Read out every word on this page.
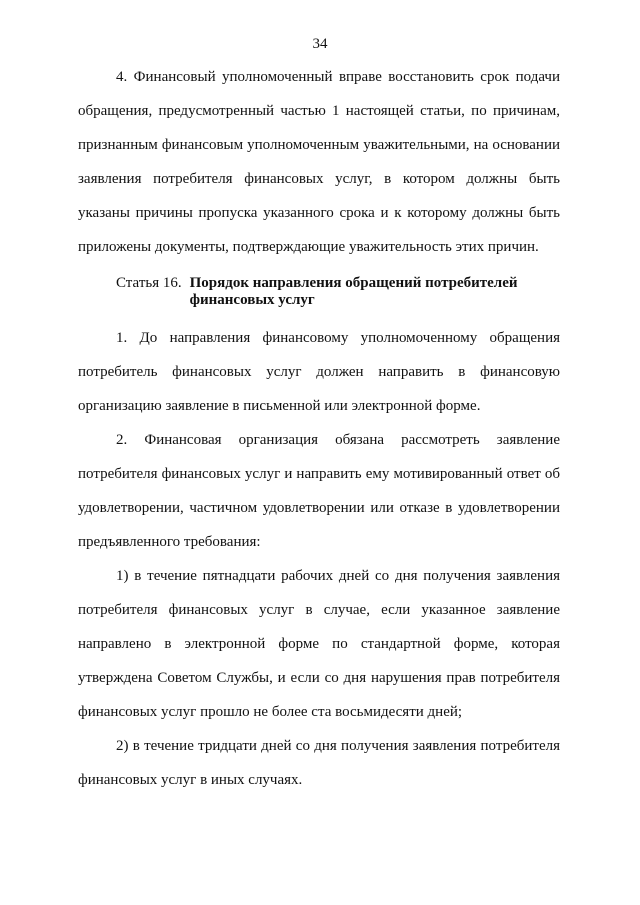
34

4. Финансовый уполномоченный вправе восстановить срок подачи обращения, предусмотренный частью 1 настоящей статьи, по причинам, признанным финансовым уполномоченным уважительными, на основании заявления потребителя финансовых услуг, в котором должны быть указаны причины пропуска указанного срока и к которому должны быть приложены документы, подтверждающие уважительность этих причин.

Статья 16. Порядок направления обращений потребителей финансовых услуг

1. До направления финансовому уполномоченному обращения потребитель финансовых услуг должен направить в финансовую организацию заявление в письменной или электронной форме.

2. Финансовая организация обязана рассмотреть заявление потребителя финансовых услуг и направить ему мотивированный ответ об удовлетворении, частичном удовлетворении или отказе в удовлетворении предъявленного требования:

1) в течение пятнадцати рабочих дней со дня получения заявления потребителя финансовых услуг в случае, если указанное заявление направлено в электронной форме по стандартной форме, которая утверждена Советом Службы, и если со дня нарушения прав потребителя финансовых услуг прошло не более ста восьмидесяти дней;

2) в течение тридцати дней со дня получения заявления потребителя финансовых услуг в иных случаях.
